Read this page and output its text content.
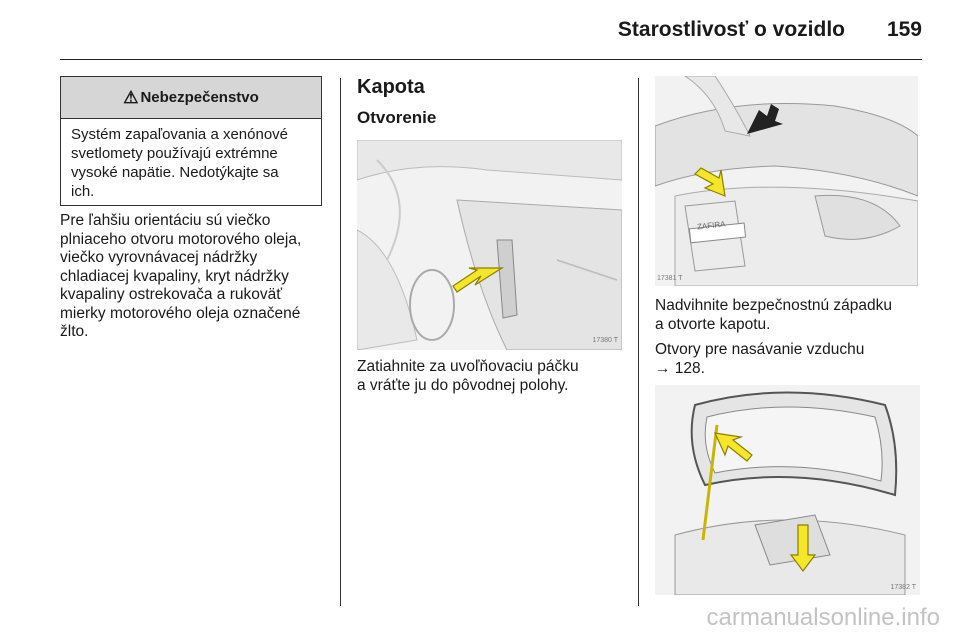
Starostlivosť o vozidlo 159
⚠ Nebezpečenstvo
Systém zapaľovania a xenónové
svetlomety používajú extrémne
vysoké napätie. Nedotýkajte sa
ich.
Pre ľahšiu orientáciu sú viečko
plniaceho otvoru motorového oleja,
viečko vyrovnávacej nádržky
chladiacej kvapaliny, kryt nádržky
kvapaliny ostrekovača a rukoväť
mierky motorového oleja označené
žlto.
Kapota
Otvorenie
17380 T
Zatiahnite za uvoľňovaciu páčku
a vráťte ju do pôvodnej polohy.
ZAFIRA
17381 T
Nadvihnite bezpečnostnú západku
a otvorte kapotu.
Otvory pre nasávanie vzduchu
→ 128.
17382 T
carmanualsonline.info
